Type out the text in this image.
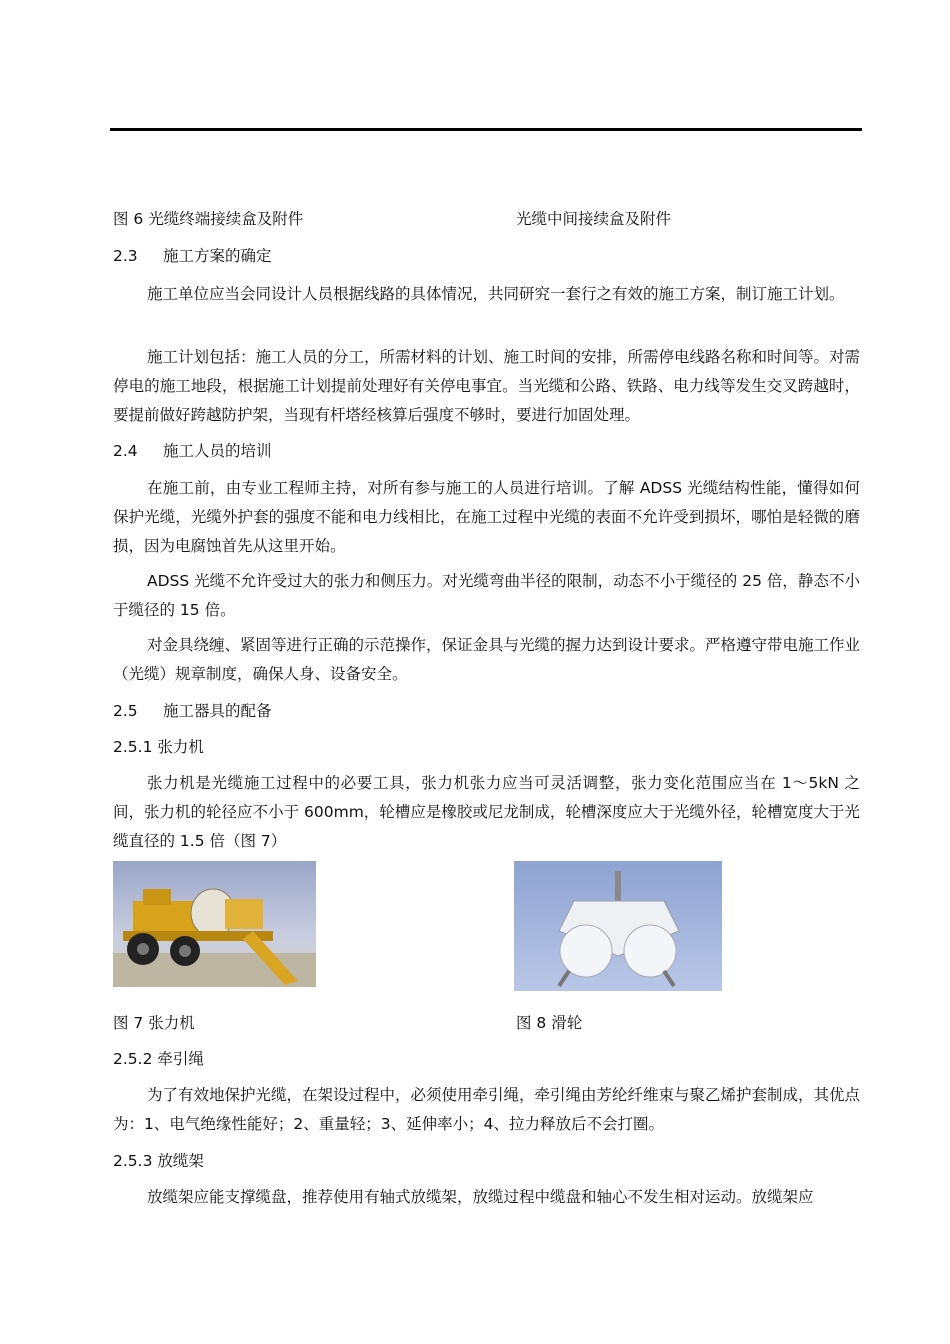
图 6 光缆终端接续盒及附件	光缆中间接续盒及附件
2.3 施工方案的确定
施工单位应当会同设计人员根据线路的具体情况，共同研究一套行之有效的施工方案，制订施工计划。
施工计划包括：施工人员的分工，所需材料的计划、施工时间的安排，所需停电线路名称和时间等。对需停电的施工地段，根据施工计划提前处理好有关停电事宜。当光缆和公路、铁路、电力线等发生交叉跨越时，要提前做好跨越防护架，当现有杆塔经核算后强度不够时，要进行加固处理。
2.4 施工人员的培训
在施工前，由专业工程师主持，对所有参与施工的人员进行培训。了解 ADSS 光缆结构性能，懂得如何保护光缆，光缆外护套的强度不能和电力线相比，在施工过程中光缆的表面不允许受到损坏，哪怕是轻微的磨损，因为电腐蚀首先从这里开始。
ADSS 光缆不允许受过大的张力和侧压力。对光缆弯曲半径的限制，动态不小于缆径的 25 倍，静态不小于缆径的 15 倍。
对金具绕缠、紧固等进行正确的示范操作，保证金具与光缆的握力达到设计要求。严格遵守带电施工作业（光缆）规章制度，确保人身、设备安全。
2.5 施工器具的配备
2.5.1 张力机
张力机是光缆施工过程中的必要工具，张力机张力应当可灵活调整，张力变化范围应当在 1～5kN 之间，张力机的轮径应不小于 600mm，轮槽应是橡胶或尼龙制成，轮槽深度应大于光缆外径，轮槽宽度大于光缆直径的 1.5 倍（图 7）
图 7 张力机	图 8 滑轮
2.5.2 牵引绳
为了有效地保护光缆，在架设过程中，必须使用牵引绳，牵引绳由芳纶纤维束与聚乙烯护套制成，其优点为：1、电气绝缘性能好；2、重量轻；3、延伸率小；4、拉力释放后不会打圈。
2.5.3 放缆架
放缆架应能支撑缆盘，推荐使用有轴式放缆架，放缆过程中缆盘和轴心不发生相对运动。放缆架应
